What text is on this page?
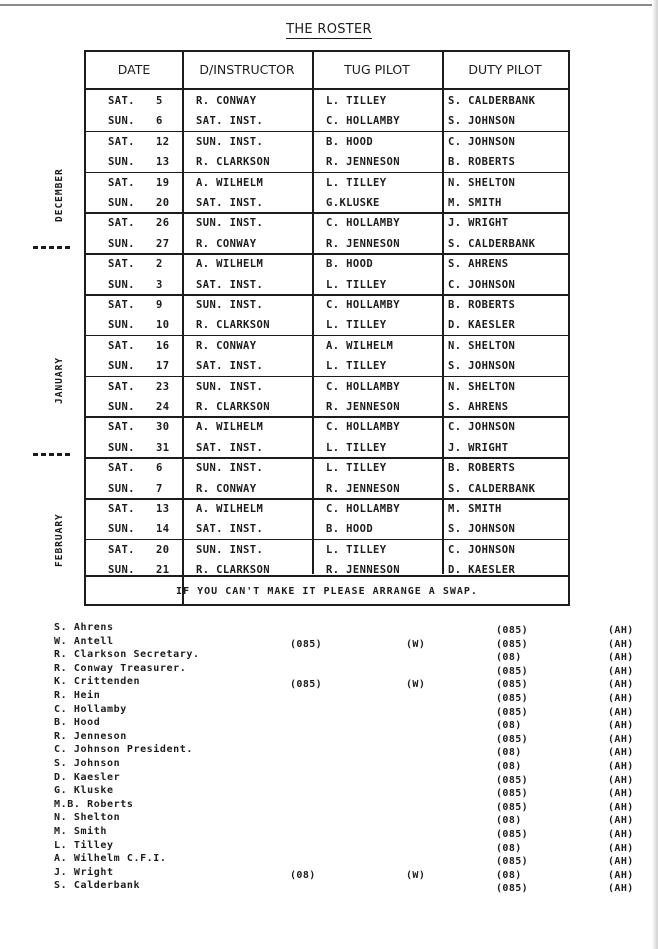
THE ROSTER
DATE	D/INSTRUCTOR	TUG PILOT	DUTY PILOT
IF YOU CAN'T MAKE IT PLEASE ARRANGE A SWAP.
SAT. 5	R. CONWAY	L. TILLEY	S. CALDERBANK
SUN. 6	SAT. INST.	C. HOLLAMBY	S. JOHNSON
SAT. 12	SUN. INST.	B. HOOD	C. JOHNSON
SUN. 13	R. CLARKSON	R. JENNESON	B. ROBERTS
SAT. 19	A. WILHELM	L. TILLEY	N. SHELTON
SUN. 20	SAT. INST.	G.KLUSKE	M. SMITH
SAT. 26	SUN. INST.	C. HOLLAMBY	J. WRIGHT
SUN. 27	R. CONWAY	R. JENNESON	S. CALDERBANK
SAT. 2	A. WILHELM	B. HOOD	S. AHRENS
SUN. 3	SAT. INST.	L. TILLEY	C. JOHNSON
SAT. 9	SUN. INST.	C. HOLLAMBY	B. ROBERTS
SUN. 10	R. CLARKSON	L. TILLEY	D. KAESLER
SAT. 16	R. CONWAY	A. WILHELM	N. SHELTON
SUN. 17	SAT. INST.	L. TILLEY	S. JOHNSON
SAT. 23	SUN. INST.	C. HOLLAMBY	N. SHELTON
SUN. 24	R. CLARKSON	R. JENNESON	S. AHRENS
SAT. 30	A. WILHELM	C. HOLLAMBY	C. JOHNSON
SUN. 31	SAT. INST.	L. TILLEY	J. WRIGHT
SAT. 6	SUN. INST.	L. TILLEY	B. ROBERTS
SUN. 7	R. CONWAY	R. JENNESON	S. CALDERBANK
SAT. 13	A. WILHELM	C. HOLLAMBY	M. SMITH
SUN. 14	SAT. INST.	B. HOOD	S. JOHNSON
SAT. 20	SUN. INST.	L. TILLEY	C. JOHNSON
SUN. 21	R. CLARKSON	R. JENNESON	D. KAESLER
DECEMBER
JANUARY
FEBRUARY
S. Ahrens	(085)	(AH)
W. Antell	(085)	(W)	(085)	(AH)
R. Clarkson Secretary.	(08)	(AH)
R. Conway Treasurer.	(085)	(AH)
K. Crittenden	(085)	(W)	(085)	(AH)
R. Hein	(085)	(AH)
C. Hollamby	(085)	(AH)
B. Hood	(08)	(AH)
R. Jenneson	(085)	(AH)
C. Johnson President.	(08)	(AH)
S. Johnson	(08)	(AH)
D. Kaesler	(085)	(AH)
G. Kluske	(085)	(AH)
M.B. Roberts	(085)	(AH)
N. Shelton	(08)	(AH)
M. Smith	(085)	(AH)
L. Tilley	(08)	(AH)
A. Wilhelm C.F.I.	(085)	(AH)
J. Wright	(08)	(W)	(08)	(AH)
S. Calderbank	(085)	(AH)
